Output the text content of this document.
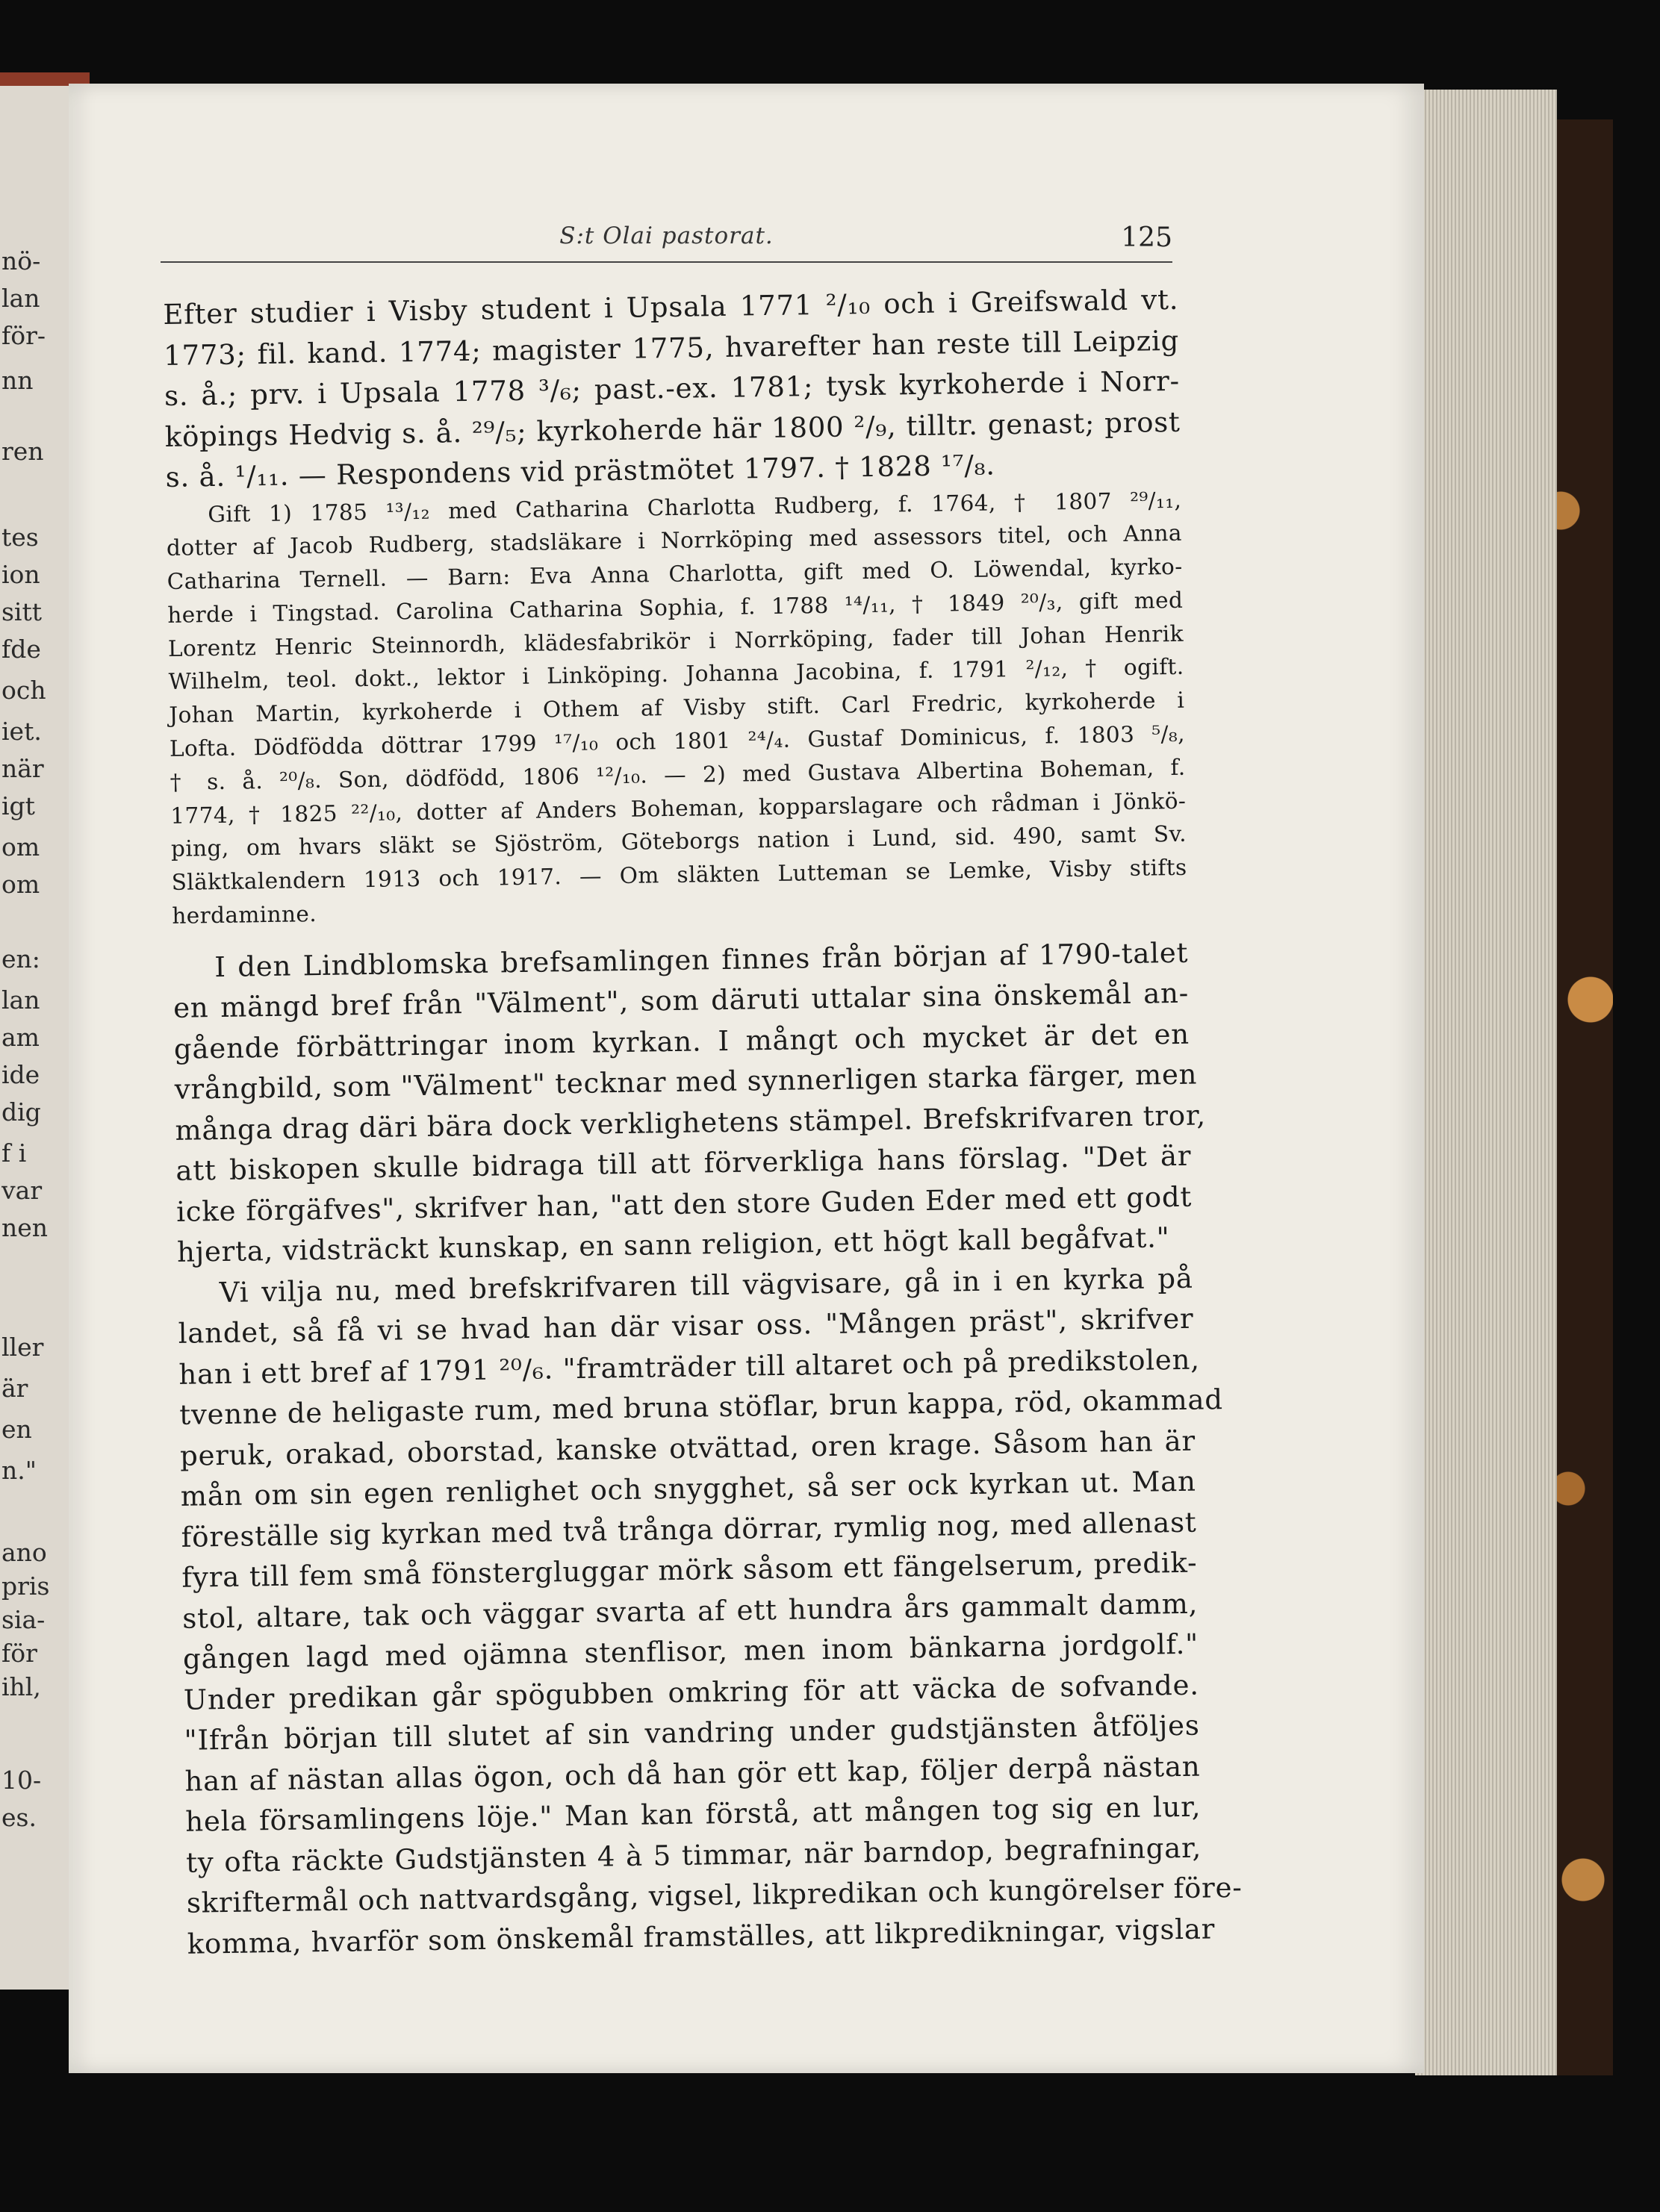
nö-
lan
för-
nn
ren
tes
ion
sitt
fde
och
iet.
när
igt
om
om
en:
lan
am
ide
dig
f i
var
nen
ller
är
en
n."
ano
pris
sia-
för
ihl,
10-
es.
S:t Olai pastorat.	125
Efter studier i Visby student i Upsala 1771 ²/₁₀ och i Greifswald vt.
1773; fil. kand. 1774; magister 1775, hvarefter han reste till Leipzig
s. å.; prv. i Upsala 1778 ³/₆; past.-ex. 1781; tysk kyrkoherde i Norr-
köpings Hedvig s. å. ²⁹/₅; kyrkoherde här 1800 ²/₉, tilltr. genast; prost
s. å. ¹/₁₁. — Respondens vid prästmötet 1797. † 1828 ¹⁷/₈.
Gift 1) 1785 ¹³/₁₂ med Catharina Charlotta Rudberg, f. 1764, † 1807 ²⁹/₁₁,
dotter af Jacob Rudberg, stadsläkare i Norrköping med assessors titel, och Anna
Catharina Ternell. — Barn: Eva Anna Charlotta, gift med O. Löwendal, kyrko-
herde i Tingstad. Carolina Catharina Sophia, f. 1788 ¹⁴/₁₁, † 1849 ²⁰/₃, gift med
Lorentz Henric Steinnordh, klädesfabrikör i Norrköping, fader till Johan Henrik
Wilhelm, teol. dokt., lektor i Linköping. Johanna Jacobina, f. 1791 ²/₁₂, † ogift.
Johan Martin, kyrkoherde i Othem af Visby stift. Carl Fredric, kyrkoherde i
Lofta. Dödfödda döttrar 1799 ¹⁷/₁₀ och 1801 ²⁴/₄. Gustaf Dominicus, f. 1803 ⁵/₈,
† s. å. ²⁰/₈. Son, dödfödd, 1806 ¹²/₁₀. — 2) med Gustava Albertina Boheman, f.
1774, † 1825 ²²/₁₀, dotter af Anders Boheman, kopparslagare och rådman i Jönkö-
ping, om hvars släkt se Sjöström, Göteborgs nation i Lund, sid. 490, samt Sv.
Släktkalendern 1913 och 1917. — Om släkten Lutteman se Lemke, Visby stifts
herdaminne.
I den Lindblomska brefsamlingen finnes från början af 1790-talet
en mängd bref från "Välment", som däruti uttalar sina önskemål an-
gående förbättringar inom kyrkan. I mångt och mycket är det en
vrångbild, som "Välment" tecknar med synnerligen starka färger, men
många drag däri bära dock verklighetens stämpel. Brefskrifvaren tror,
att biskopen skulle bidraga till att förverkliga hans förslag. "Det är
icke förgäfves", skrifver han, "att den store Guden Eder med ett godt
hjerta, vidsträckt kunskap, en sann religion, ett högt kall begåfvat."
Vi vilja nu, med brefskrifvaren till vägvisare, gå in i en kyrka på
landet, så få vi se hvad han där visar oss. "Mången präst", skrifver
han i ett bref af 1791 ²⁰/₆. "framträder till altaret och på predikstolen,
tvenne de heligaste rum, med bruna stöflar, brun kappa, röd, okammad
peruk, orakad, oborstad, kanske otvättad, oren krage. Såsom han är
mån om sin egen renlighet och snygghet, så ser ock kyrkan ut. Man
föreställe sig kyrkan med två trånga dörrar, rymlig nog, med allenast
fyra till fem små fönstergluggar mörk såsom ett fängelserum, predik-
stol, altare, tak och väggar svarta af ett hundra års gammalt damm,
gången lagd med ojämna stenflisor, men inom bänkarna jordgolf."
Under predikan går spögubben omkring för att väcka de sofvande.
"Ifrån början till slutet af sin vandring under gudstjänsten åtföljes
han af nästan allas ögon, och då han gör ett kap, följer derpå nästan
hela församlingens löje." Man kan förstå, att mången tog sig en lur,
ty ofta räckte Gudstjänsten 4 à 5 timmar, när barndop, begrafningar,
skriftermål och nattvardsgång, vigsel, likpredikan och kungörelser före-
komma, hvarför som önskemål framställes, att likpredikningar, vigslar
